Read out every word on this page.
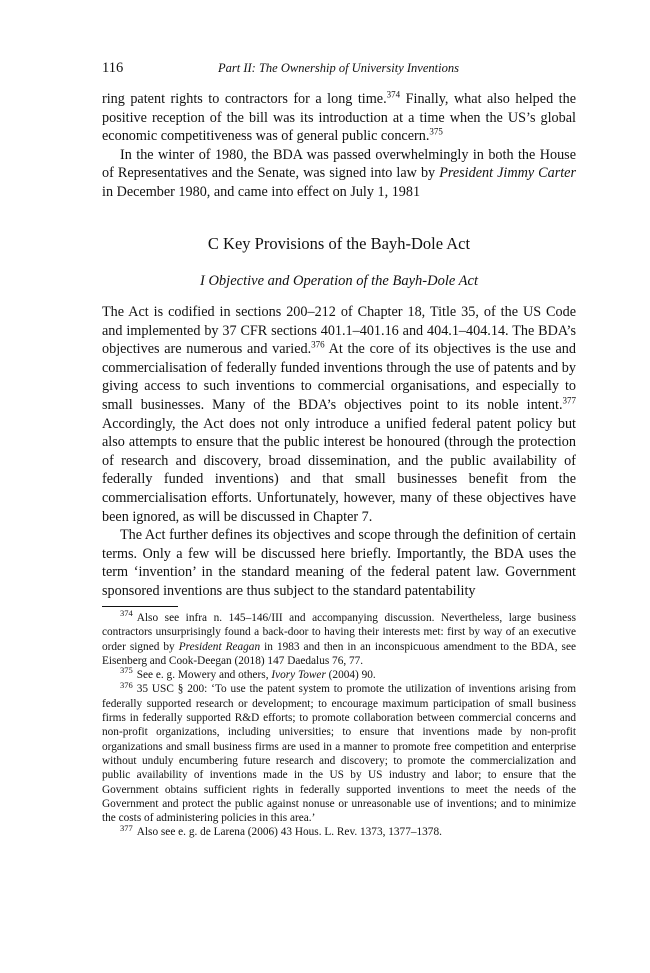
116	Part II: The Ownership of University Inventions

ring patent rights to contractors for a long time.$^{374}$ Finally, what also helped the positive reception of the bill was its introduction at a time when the US’s global economic competitiveness was of general public concern.$^{375}$

In the winter of 1980, the BDA was passed overwhelmingly in both the House of Representatives and the Senate, was signed into law by President Jimmy Carter in December 1980, and came into effect on July 1, 1981

C Key Provisions of the Bayh-Dole Act
I Objective and Operation of the Bayh-Dole Act

The Act is codified in sections 200–212 of Chapter 18, Title 35, of the US Code and implemented by 37 CFR sections 401.1–401.16 and 404.1–404.14. The BDA’s objectives are numerous and varied.$^{376}$ At the core of its objectives is the use and commercialisation of federally funded inventions through the use of patents and by giving access to such inventions to commercial organisations, and especially to small businesses. Many of the BDA’s objectives point to its noble intent.$^{377}$ Accordingly, the Act does not only introduce a unified federal patent policy but also attempts to ensure that the public interest be honoured (through the protection of research and discovery, broad dissemination, and the public availability of federally funded inventions) and that small businesses benefit from the commercialisation efforts. Unfortunately, however, many of these objectives have been ignored, as will be discussed in Chapter 7.

The Act further defines its objectives and scope through the definition of certain terms. Only a few will be discussed here briefly. Importantly, the BDA uses the term ‘invention’ in the standard meaning of the federal patent law. Government sponsored inventions are thus subject to the standard patentability

$^{374}$ Also see infra n. 145–146/III and accompanying discussion. Nevertheless, large business contractors unsurprisingly found a back-door to having their interests met: first by way of an executive order signed by President Reagan in 1983 and then in an inconspicuous amendment to the BDA, see Eisenberg and Cook-Deegan (2018) 147 Daedalus 76, 77.

$^{375}$ See e. g. Mowery and others, Ivory Tower (2004) 90.

$^{376}$ 35 USC § 200: ‘To use the patent system to promote the utilization of inventions arising from federally supported research or development; to encourage maximum participation of small business firms in federally supported R&D efforts; to promote collaboration between commercial concerns and non-profit organizations, including universities; to ensure that inventions made by non-profit organizations and small business firms are used in a manner to promote free competition and enterprise without unduly encumbering future research and discovery; to promote the commercialization and public availability of inventions made in the US by US industry and labor; to ensure that the Government obtains sufficient rights in federally supported inventions to meet the needs of the Government and protect the public against nonuse or unreasonable use of inventions; and to minimize the costs of administering policies in this area.’

$^{377}$ Also see e. g. de Larena (2006) 43 Hous. L. Rev. 1373, 1377–1378.
